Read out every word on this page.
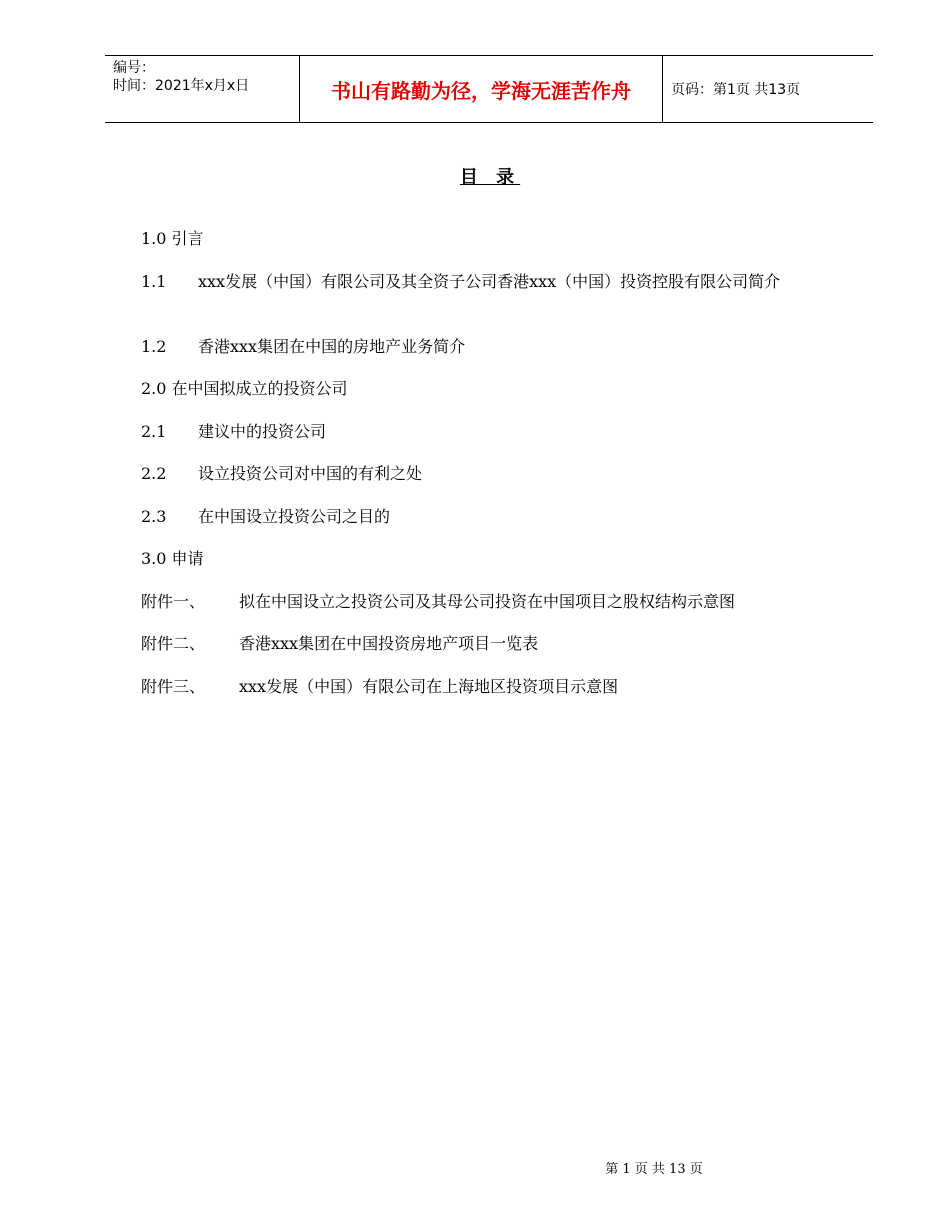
编号：
时间：2021年x月x日	书山有路勤为径，学海无涯苦作舟	页码：第1页 共13页
目 录
1.0 引言
1.1 xxx发展（中国）有限公司及其全资子公司香港xxx（中国）投资控股有限公司简介
1.2 香港xxx集团在中国的房地产业务简介
2.0 在中国拟成立的投资公司
2.1 建议中的投资公司
2.2 设立投资公司对中国的有利之处
2.3 在中国设立投资公司之目的
3.0 申请
附件一、 拟在中国设立之投资公司及其母公司投资在中国项目之股权结构示意图
附件二、 香港xxx集团在中国投资房地产项目一览表
附件三、 xxx发展（中国）有限公司在上海地区投资项目示意图
第 1 页 共 13 页
